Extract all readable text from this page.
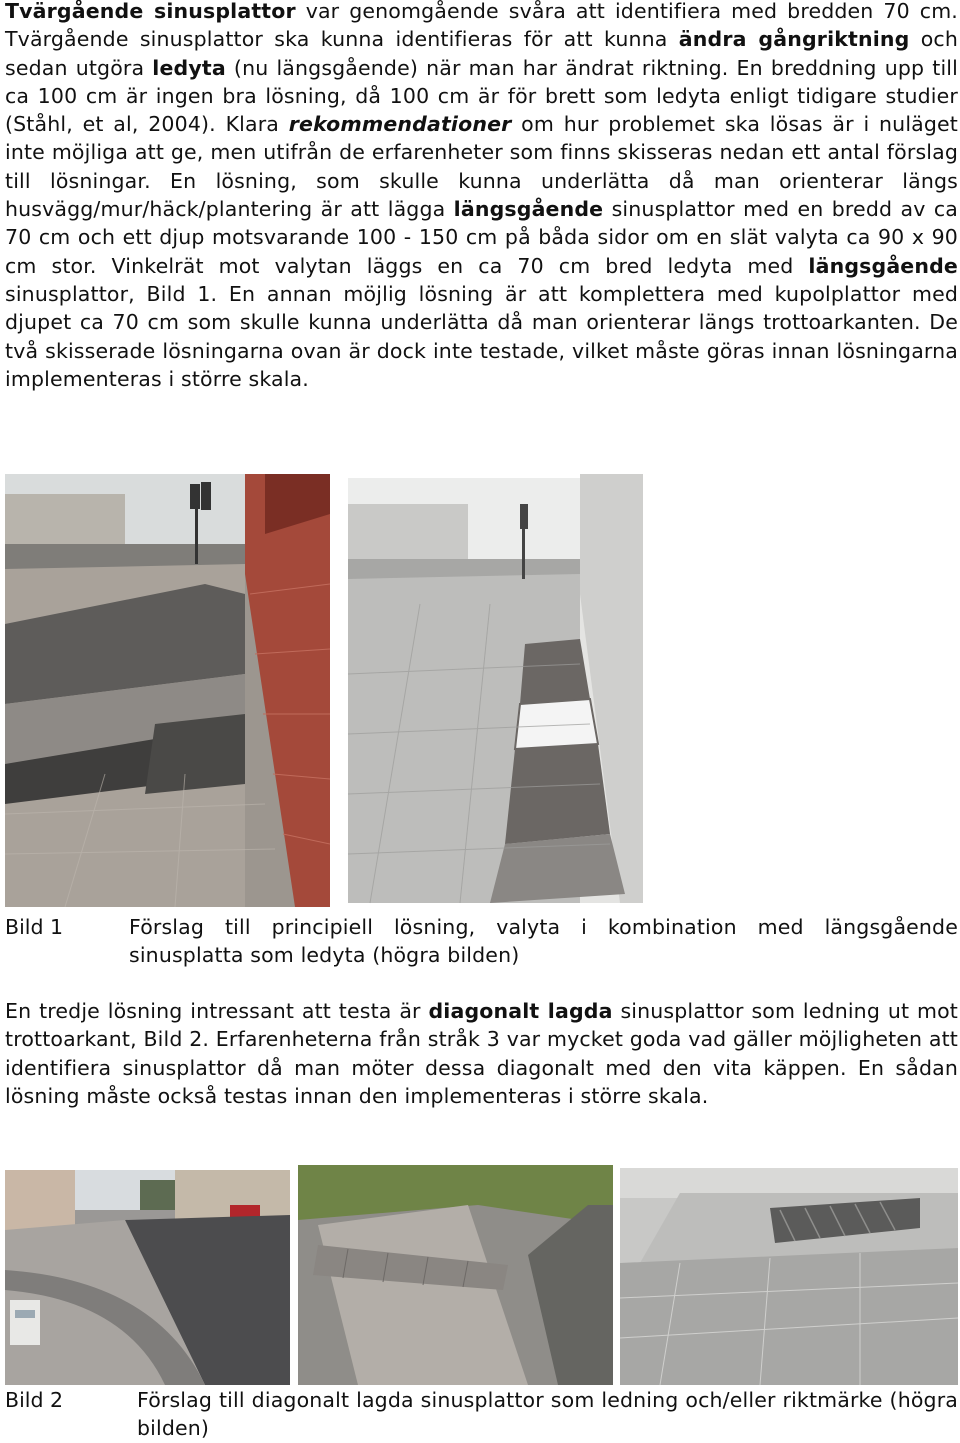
Tvärgående sinusplattor var genomgående svåra att identifiera med bredden 70 cm. Tvärgående sinusplattor ska kunna identifieras för att kunna ändra gångriktning och sedan utgöra ledyta (nu längsgående) när man har ändrat riktning. En breddning upp till ca 100 cm är ingen bra lösning, då 100 cm är för brett som ledyta enligt tidigare studier (Ståhl, et al, 2004). Klara rekommendationer om hur problemet ska lösas är i nuläget inte möjliga att ge, men utifrån de erfarenheter som finns skisseras nedan ett antal förslag till lösningar. En lösning, som skulle kunna underlätta då man orienterar längs husvägg/mur/häck/plantering är att lägga längsgående sinusplattor med en bredd av ca 70 cm och ett djup motsvarande 100 - 150 cm på båda sidor om en slät valyta ca 90 x 90 cm stor. Vinkelrät mot valytan läggs en ca 70 cm bred ledyta med längsgående sinusplattor, Bild 1. En annan möjlig lösning är att komplettera med kupolplattor med djupet ca 70 cm som skulle kunna underlätta då man orienterar längs trottoarkanten. De två skisserade lösningarna ovan är dock inte testade, vilket måste göras innan lösningarna implementeras i större skala.

Bild 1	Förslag till principiell lösning, valyta i kombination med längsgående sinusplatta som ledyta (högra bilden)

En tredje lösning intressant att testa är diagonalt lagda sinusplattor som ledning ut mot trottoarkant, Bild 2. Erfarenheterna från stråk 3 var mycket goda vad gäller möjligheten att identifiera sinusplattor då man möter dessa diagonalt med den vita käppen. En sådan lösning måste också testas innan den implementeras i större skala.

Bild 2	Förslag till diagonalt lagda sinusplattor som ledning och/eller riktmärke (högra bilden)
